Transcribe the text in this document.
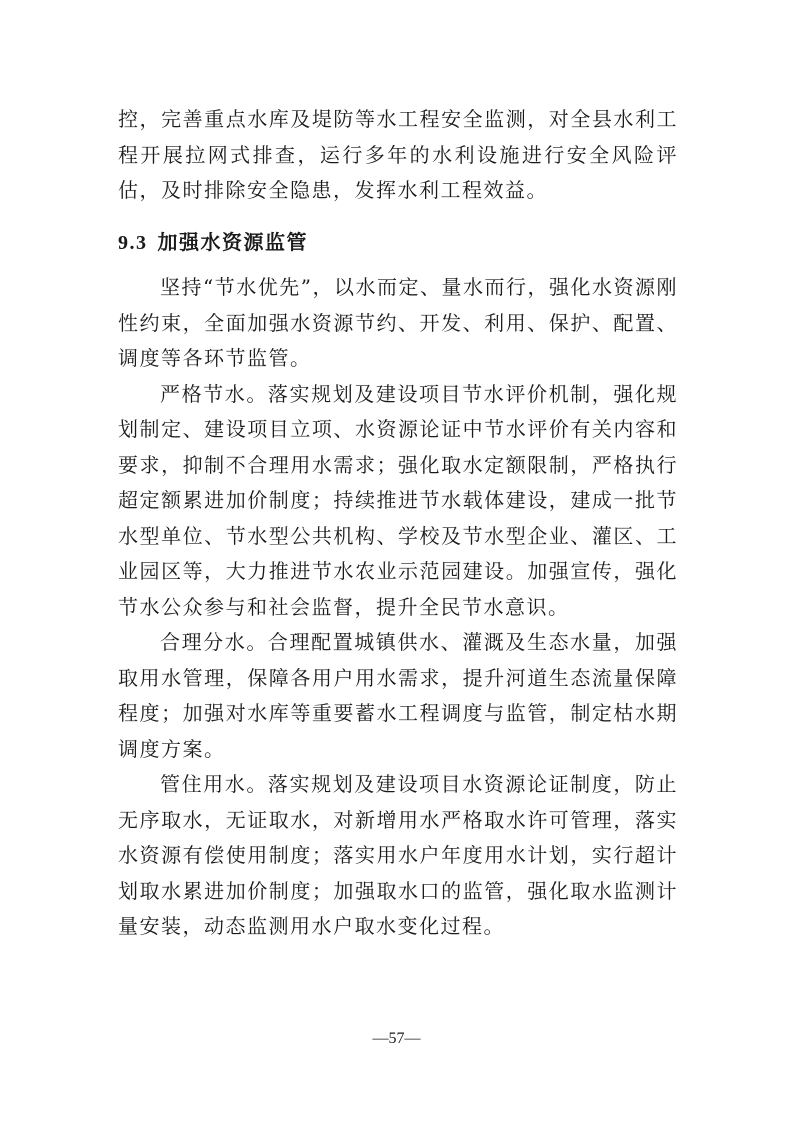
控，完善重点水库及堤防等水工程安全监测，对全县水利工程开展拉网式排查，运行多年的水利设施进行安全风险评估，及时排除安全隐患，发挥水利工程效益。

9.3 加强水资源监管

坚持“节水优先”，以水而定、量水而行，强化水资源刚性约束，全面加强水资源节约、开发、利用、保护、配置、调度等各环节监管。

严格节水。落实规划及建设项目节水评价机制，强化规划制定、建设项目立项、水资源论证中节水评价有关内容和要求，抑制不合理用水需求；强化取水定额限制，严格执行超定额累进加价制度；持续推进节水载体建设，建成一批节水型单位、节水型公共机构、学校及节水型企业、灌区、工业园区等，大力推进节水农业示范园建设。加强宣传，强化节水公众参与和社会监督，提升全民节水意识。

合理分水。合理配置城镇供水、灌溉及生态水量，加强取用水管理，保障各用户用水需求，提升河道生态流量保障程度；加强对水库等重要蓄水工程调度与监管，制定枯水期调度方案。

管住用水。落实规划及建设项目水资源论证制度，防止无序取水，无证取水，对新增用水严格取水许可管理，落实水资源有偿使用制度；落实用水户年度用水计划，实行超计划取水累进加价制度；加强取水口的监管，强化取水监测计量安装，动态监测用水户取水变化过程。

—57—
